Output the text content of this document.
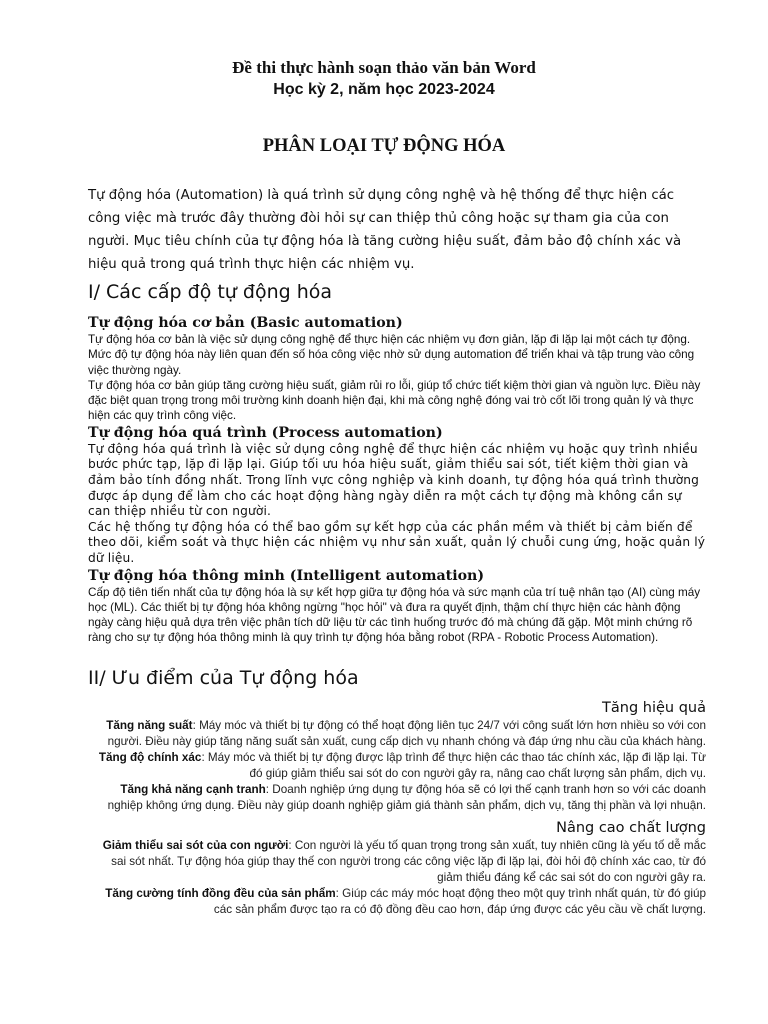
Đề thi thực hành soạn thảo văn bản Word
Học kỳ 2, năm học 2023-2024
PHÂN LOẠI TỰ ĐỘNG HÓA

Tự động hóa (Automation) là quá trình sử dụng công nghệ và hệ thống để thực hiện các công việc mà trước đây thường đòi hỏi sự can thiệp thủ công hoặc sự tham gia của con người. Mục tiêu chính của tự động hóa là tăng cường hiệu suất, đảm bảo độ chính xác và hiệu quả trong quá trình thực hiện các nhiệm vụ.

I/ Các cấp độ tự động hóa
Tự động hóa cơ bản (Basic automation)

Tự động hóa cơ bản là việc sử dụng công nghệ để thực hiện các nhiệm vụ đơn giản, lặp đi lặp lại một cách tự động. Mức độ tự động hóa này liên quan đến số hóa công việc nhờ sử dụng automation để triển khai và tập trung vào công việc thường ngày.

Tự động hóa cơ bản giúp tăng cường hiệu suất, giảm rủi ro lỗi, giúp tổ chức tiết kiệm thời gian và nguồn lực. Điều này đặc biệt quan trọng trong môi trường kinh doanh hiện đại, khi mà công nghệ đóng vai trò cốt lõi trong quản lý và thực hiện các quy trình công việc.

Tự động hóa quá trình (Process automation)

Tự động hóa quá trình là việc sử dụng công nghệ để thực hiện các nhiệm vụ hoặc quy trình nhiều bước phức tạp, lặp đi lặp lại. Giúp tối ưu hóa hiệu suất, giảm thiểu sai sót, tiết kiệm thời gian và đảm bảo tính đồng nhất. Trong lĩnh vực công nghiệp và kinh doanh, tự động hóa quá trình thường được áp dụng để làm cho các hoạt động hàng ngày diễn ra một cách tự động mà không cần sự can thiệp nhiều từ con người.

Các hệ thống tự động hóa có thể bao gồm sự kết hợp của các phần mềm và thiết bị cảm biến để theo dõi, kiểm soát và thực hiện các nhiệm vụ như sản xuất, quản lý chuỗi cung ứng, hoặc quản lý dữ liệu.

Tự động hóa thông minh (Intelligent automation)

Cấp độ tiên tiến nhất của tự động hóa là sự kết hợp giữa tự động hóa và sức mạnh của trí tuệ nhân tạo (AI) cùng máy học (ML). Các thiết bị tự động hóa không ngừng "học hỏi" và đưa ra quyết định, thậm chí thực hiện các hành động ngày càng hiệu quả dựa trên việc phân tích dữ liệu từ các tình huống trước đó mà chúng đã gặp. Một minh chứng rõ ràng cho sự tự động hóa thông minh là quy trình tự động hóa bằng robot (RPA - Robotic Process Automation).

II/ Ưu điểm của Tự động hóa
Tăng hiệu quả

Tăng năng suất: Máy móc và thiết bị tự động có thể hoạt động liên tục 24/7 với công suất lớn hơn nhiều so với con người. Điều này giúp tăng năng suất sản xuất, cung cấp dịch vụ nhanh chóng và đáp ứng nhu cầu của khách hàng.

Tăng độ chính xác: Máy móc và thiết bị tự động được lập trình để thực hiện các thao tác chính xác, lặp đi lặp lại. Từ đó giúp giảm thiểu sai sót do con người gây ra, nâng cao chất lượng sản phẩm, dịch vụ.

Tăng khả năng cạnh tranh: Doanh nghiệp ứng dụng tự động hóa sẽ có lợi thế cạnh tranh hơn so với các doanh nghiệp không ứng dụng. Điều này giúp doanh nghiệp giảm giá thành sản phẩm, dịch vụ, tăng thị phần và lợi nhuận.

Nâng cao chất lượng

Giảm thiểu sai sót của con người: Con người là yếu tố quan trọng trong sản xuất, tuy nhiên cũng là yếu tố dễ mắc sai sót nhất. Tự động hóa giúp thay thế con người trong các công việc lặp đi lặp lại, đòi hỏi độ chính xác cao, từ đó giảm thiểu đáng kể các sai sót do con người gây ra.

Tăng cường tính đồng đều của sản phẩm: Giúp các máy móc hoạt động theo một quy trình nhất quán, từ đó giúp các sản phẩm được tạo ra có độ đồng đều cao hơn, đáp ứng được các yêu cầu về chất lượng.
